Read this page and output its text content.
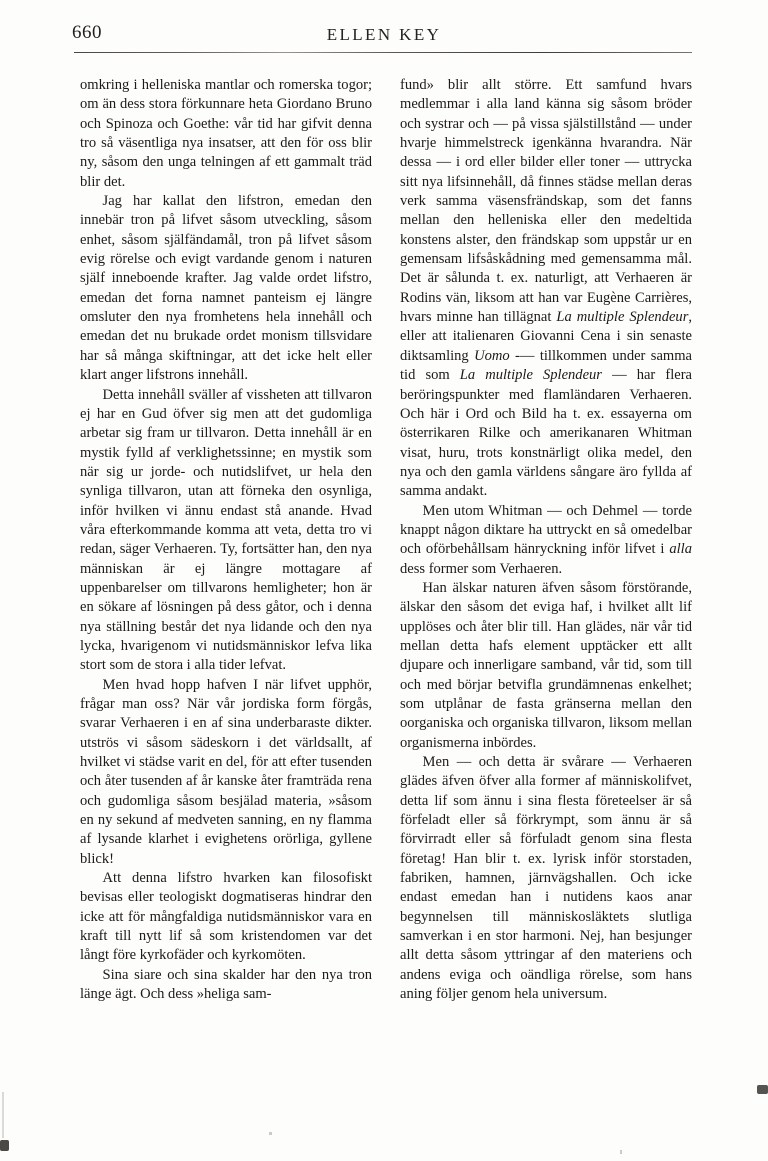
660	ELLEN KEY

omkring i helleniska mantlar och romerska togor; om än dess stora förkunnare heta Giordano Bruno och Spinoza och Goethe: vår tid har gifvit denna tro så väsentliga nya insatser, att den för oss blir ny, såsom den unga telningen af ett gammalt träd blir det.

Jag har kallat den lifstron, emedan den innebär tron på lifvet såsom utveckling, såsom enhet, såsom själfändamål, tron på lifvet såsom evig rörelse och evigt vardande genom i naturen själf inneboende krafter. Jag valde ordet lifstro, emedan det forna namnet panteism ej längre omsluter den nya fromhetens hela innehåll och emedan det nu brukade ordet monism tillsvidare har så många skiftningar, att det icke helt eller klart anger lifstrons innehåll.

Detta innehåll sväller af vissheten att tillvaron ej har en Gud öfver sig men att det gudomliga arbetar sig fram ur tillvaron. Detta innehåll är en mystik fylld af verklighetssinne; en mystik som när sig ur jorde- och nutidslifvet, ur hela den synliga tillvaron, utan att förneka den osynliga, inför hvilken vi ännu endast stå anande. Hvad våra efterkommande komma att veta, detta tro vi redan, säger Verhaeren. Ty, fortsätter han, den nya människan är ej längre mottagare af uppenbarelser om tillvarons hemligheter; hon är en sökare af lösningen på dess gåtor, och i denna nya ställning består det nya lidande och den nya lycka, hvarigenom vi nutidsmänniskor lefva lika stort som de stora i alla tider lefvat.

Men hvad hopp hafven I när lifvet upphör, frågar man oss? När vår jordiska form förgås, svarar Verhaeren i en af sina underbaraste dikter. utströs vi såsom sädeskorn i det världsallt, af hvilket vi städse varit en del, för att efter tusenden och åter tusenden af år kanske åter framträda rena och gudomliga såsom besjälad materia, »såsom en ny sekund af medveten sanning, en ny flamma af lysande klarhet i evighetens orörliga, gyllene blick!

Att denna lifstro hvarken kan filosofiskt bevisas eller teologiskt dogmatiseras hindrar den icke att för mångfaldiga nutidsmänniskor vara en kraft till nytt lif så som kristendomen var det långt före kyrkofäder och kyrkomöten.

Sina siare och sina skalder har den nya tron länge ägt. Och dess »heliga sam-

fund» blir allt större. Ett samfund hvars medlemmar i alla land känna sig såsom bröder och systrar och — på vissa själstillstånd — under hvarje himmelstreck igenkänna hvarandra. När dessa — i ord eller bilder eller toner — uttrycka sitt nya lifsinnehåll, då finnes städse mellan deras verk samma väsensfrändskap, som det fanns mellan den helleniska eller den medeltida konstens alster, den frändskap som uppstår ur en gemensam lifsåskådning med gemensamma mål. Det är sålunda t. ex. naturligt, att Verhaeren är Rodins vän, liksom att han var Eugène Carrières, hvars minne han tillägnat La multiple Splendeur, eller att italienaren Giovanni Cena i sin senaste diktsamling Uomo -— tillkommen under samma tid som La multiple Splendeur — har flera beröringspunkter med flamländaren Verhaeren. Och här i Ord och Bild ha t. ex. essayerna om österrikaren Rilke och amerikanaren Whitman visat, huru, trots konstnärligt olika medel, den nya och den gamla världens sångare äro fyllda af samma andakt.

Men utom Whitman — och Dehmel — torde knappt någon diktare ha uttryckt en så omedelbar och oförbehållsam hänryckning inför lifvet i alla dess former som Verhaeren.

Han älskar naturen äfven såsom förstörande, älskar den såsom det eviga haf, i hvilket allt lif upplöses och åter blir till. Han glädes, när vår tid mellan detta hafs element upptäcker ett allt djupare och innerligare samband, vår tid, som till och med börjar betvifla grundämnenas enkelhet; som utplånar de fasta gränserna mellan den oorganiska och organiska tillvaron, liksom mellan organismerna inbördes.

Men — och detta är svårare — Verhaeren glädes äfven öfver alla former af människolifvet, detta lif som ännu i sina flesta företeelser är så förfeladt eller så förkrympt, som ännu är så förvirradt eller så förfuladt genom sina flesta företag! Han blir t. ex. lyrisk inför storstaden, fabriken, hamnen, järnvägshallen. Och icke endast emedan han i nutidens kaos anar begynnelsen till människosläktets slutliga samverkan i en stor harmoni. Nej, han besjunger allt detta såsom yttringar af den materiens och andens eviga och oändliga rörelse, som hans aning följer genom hela universum.
